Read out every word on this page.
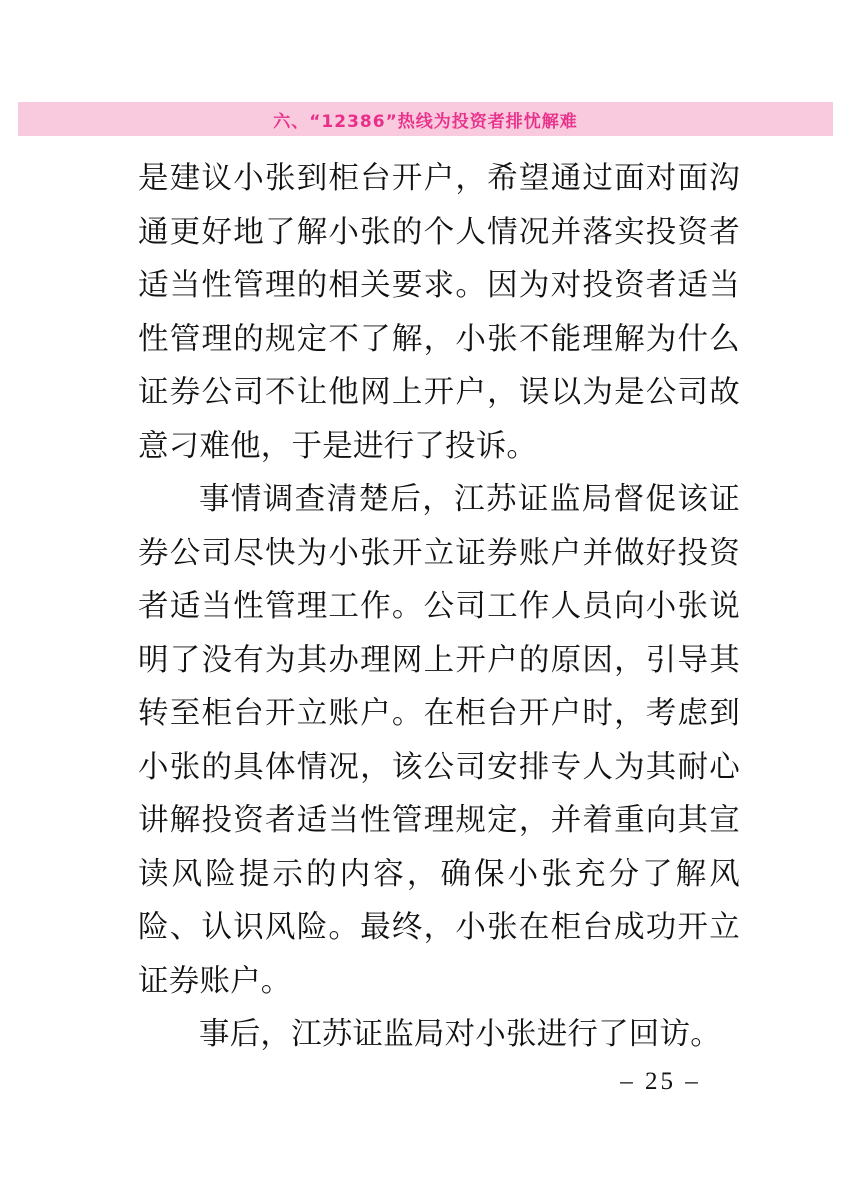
六、“12386”热线为投资者排忧解难

是建议小张到柜台开户，希望通过面对面沟通更好地了解小张的个人情况并落实投资者适当性管理的相关要求。因为对投资者适当性管理的规定不了解，小张不能理解为什么证券公司不让他网上开户，误以为是公司故意刁难他，于是进行了投诉。

事情调查清楚后，江苏证监局督促该证券公司尽快为小张开立证券账户并做好投资者适当性管理工作。公司工作人员向小张说明了没有为其办理网上开户的原因，引导其转至柜台开立账户。在柜台开户时，考虑到小张的具体情况，该公司安排专人为其耐心讲解投资者适当性管理规定，并着重向其宣读风险提示的内容，确保小张充分了解风险、认识风险。最终，小张在柜台成功开立证券账户。

事后，江苏证监局对小张进行了回访。

– 25 –
